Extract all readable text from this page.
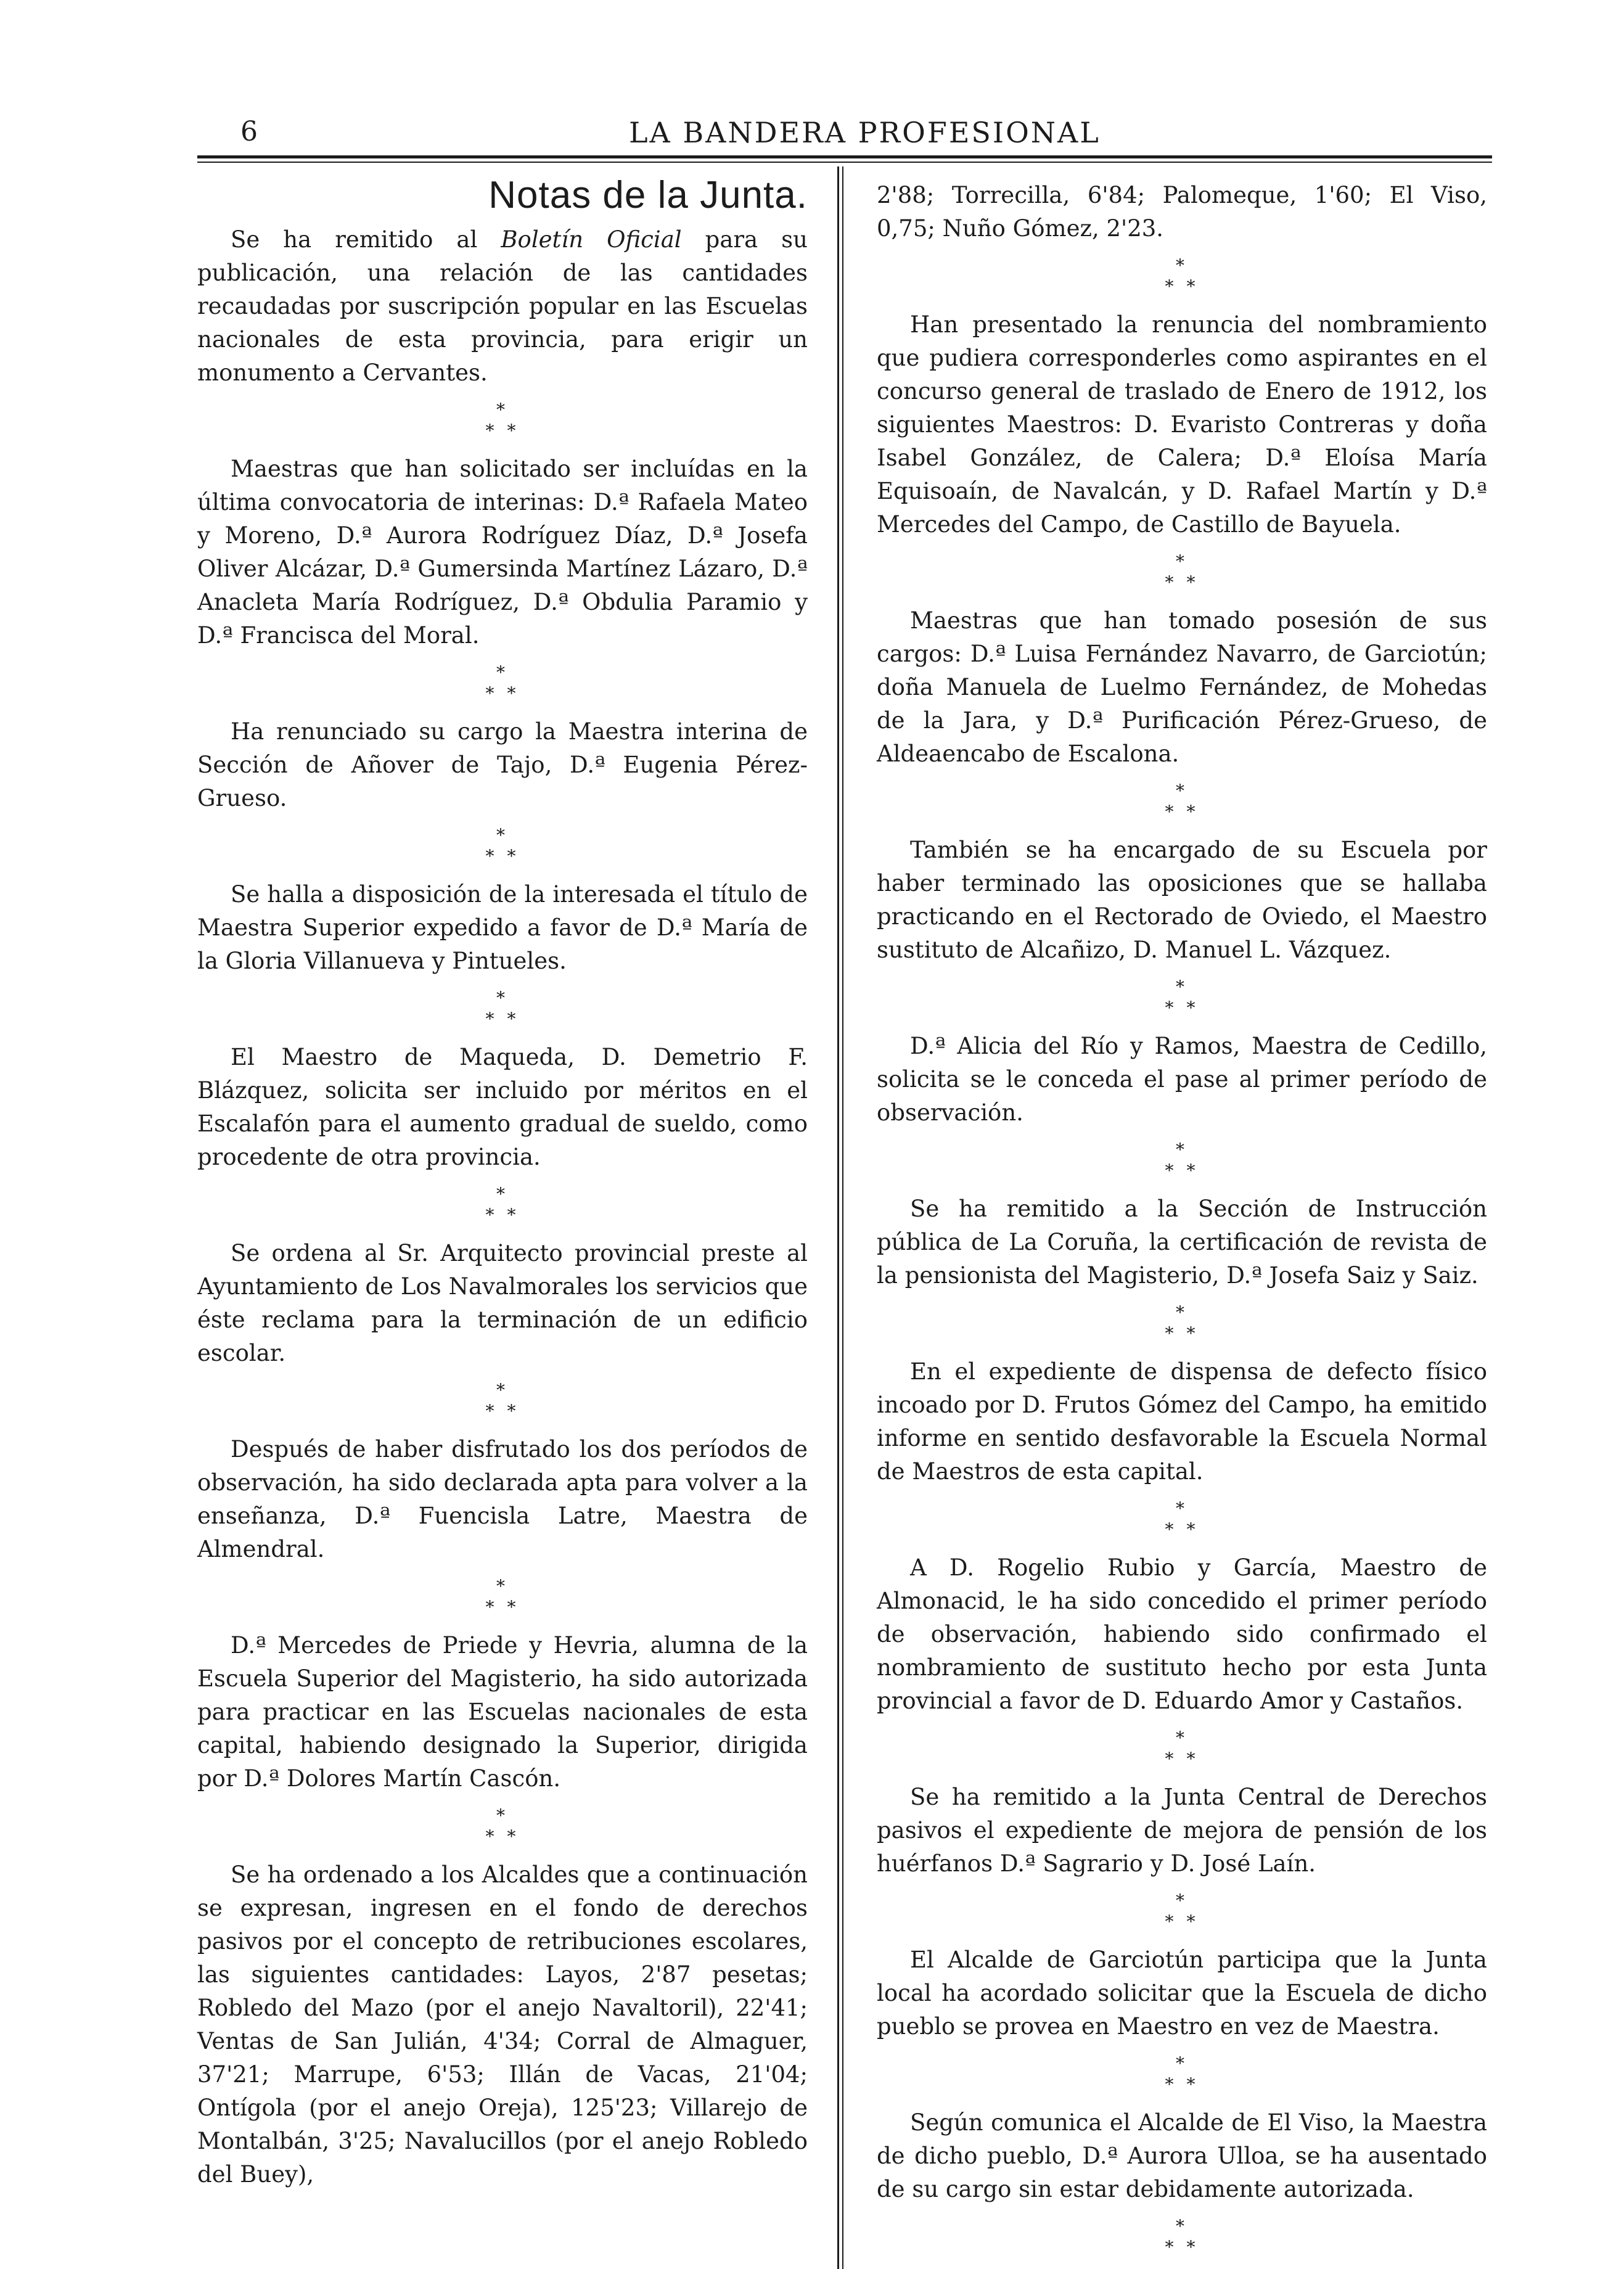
6	LA BANDERA PROFESIONAL
Notas de la Junta.

Se ha remitido al Boletín Oficial para su publicación, una relación de las cantidades recaudadas por suscripción popular en las Escuelas nacionales de esta provincia, para erigir un monumento a Cervantes.

*
* *

Maestras que han solicitado ser incluídas en la última convocatoria de interinas: D.ª Rafaela Mateo y Moreno, D.ª Aurora Rodríguez Díaz, D.ª Josefa Oliver Alcázar, D.ª Gumersinda Martínez Lázaro, D.ª Anacleta María Rodríguez, D.ª Obdulia Paramio y D.ª Francisca del Moral.

*
* *

Ha renunciado su cargo la Maestra interina de Sección de Añover de Tajo, D.ª Eugenia Pérez-Grueso.

*
* *

Se halla a disposición de la interesada el título de Maestra Superior expedido a favor de D.ª María de la Gloria Villanueva y Pintueles.

*
* *

El Maestro de Maqueda, D. Demetrio F. Blázquez, solicita ser incluido por méritos en el Escalafón para el aumento gradual de sueldo, como procedente de otra provincia.

*
* *

Se ordena al Sr. Arquitecto provincial preste al Ayuntamiento de Los Navalmorales los servicios que éste reclama para la terminación de un edificio escolar.

*
* *

Después de haber disfrutado los dos períodos de observación, ha sido declarada apta para volver a la enseñanza, D.ª Fuencisla Latre, Maestra de Almendral.

*
* *

D.ª Mercedes de Priede y Hevria, alumna de la Escuela Superior del Magisterio, ha sido autorizada para practicar en las Escuelas nacionales de esta capital, habiendo designado la Superior, dirigida por D.ª Dolores Martín Cascón.

*
* *

Se ha ordenado a los Alcaldes que a continuación se expresan, ingresen en el fondo de derechos pasivos por el concepto de retribuciones escolares, las siguientes cantidades: Layos, 2'87 pesetas; Robledo del Mazo (por el anejo Navaltoril), 22'41; Ventas de San Julián, 4'34; Corral de Almaguer, 37'21; Marrupe, 6'53; Illán de Vacas, 21'04; Ontígola (por el anejo Oreja), 125'23; Villarejo de Montalbán, 3'25; Navalucillos (por el anejo Robledo del Buey),

2'88; Torrecilla, 6'84; Palomeque, 1'60; El Viso, 0,75; Nuño Gómez, 2'23.

*
* *

Han presentado la renuncia del nombramiento que pudiera corresponderles como aspirantes en el concurso general de traslado de Enero de 1912, los siguientes Maestros: D. Evaristo Contreras y doña Isabel González, de Calera; D.ª Eloísa María Equisoaín, de Navalcán, y D. Rafael Martín y D.ª Mercedes del Campo, de Castillo de Bayuela.

*
* *

Maestras que han tomado posesión de sus cargos: D.ª Luisa Fernández Navarro, de Garciotún; doña Manuela de Luelmo Fernández, de Mohedas de la Jara, y D.ª Purificación Pérez-Grueso, de Aldeaencabo de Escalona.

*
* *

También se ha encargado de su Escuela por haber terminado las oposiciones que se hallaba practicando en el Rectorado de Oviedo, el Maestro sustituto de Alcañizo, D. Manuel L. Vázquez.

*
* *

D.ª Alicia del Río y Ramos, Maestra de Cedillo, solicita se le conceda el pase al primer período de observación.

*
* *

Se ha remitido a la Sección de Instrucción pública de La Coruña, la certificación de revista de la pensionista del Magisterio, D.ª Josefa Saiz y Saiz.

*
* *

En el expediente de dispensa de defecto físico incoado por D. Frutos Gómez del Campo, ha emitido informe en sentido desfavorable la Escuela Normal de Maestros de esta capital.

*
* *

A D. Rogelio Rubio y García, Maestro de Almonacid, le ha sido concedido el primer período de observación, habiendo sido confirmado el nombramiento de sustituto hecho por esta Junta provincial a favor de D. Eduardo Amor y Castaños.

*
* *

Se ha remitido a la Junta Central de Derechos pasivos el expediente de mejora de pensión de los huérfanos D.ª Sagrario y D. José Laín.

*
* *

El Alcalde de Garciotún participa que la Junta local ha acordado solicitar que la Escuela de dicho pueblo se provea en Maestro en vez de Maestra.

*
* *

Según comunica el Alcalde de El Viso, la Maestra de dicho pueblo, D.ª Aurora Ulloa, se ha ausentado de su cargo sin estar debidamente autorizada.

*
* *
